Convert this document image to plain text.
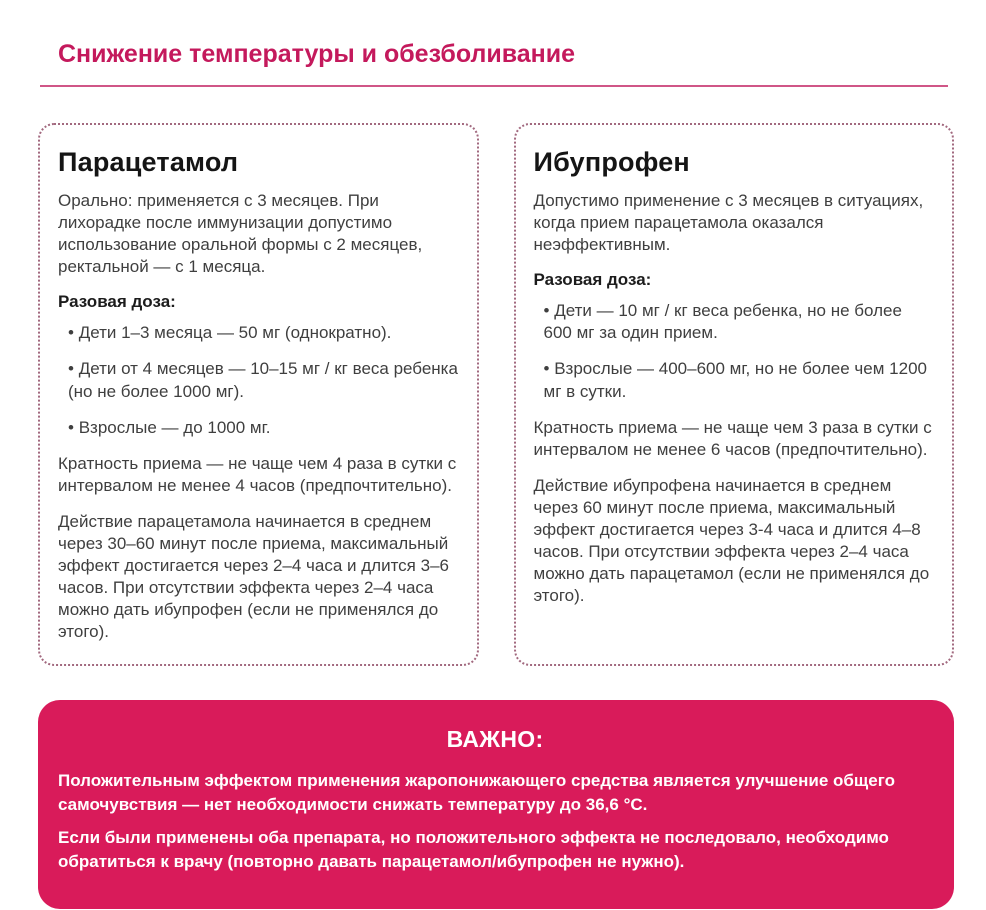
Снижение температуры и обезболивание
Парацетамол

Орально: применяется с 3 месяцев. При лихорадке после иммунизации допустимо использование оральной формы с 2 месяцев, ректальной — с 1 месяца.

Разовая доза:

• Дети 1–3 месяца — 50 мг (однократно).
• Дети от 4 месяцев — 10–15 мг / кг веса ребенка (но не более 1000 мг).
• Взрослые — до 1000 мг.

Кратность приема — не чаще чем 4 раза в сутки с интервалом не менее 4 часов (предпочтительно).

Действие парацетамола начинается в среднем через 30–60 минут после приема, максимальный эффект достигается через 2–4 часа и длится 3–6 часов. При отсутствии эффекта через 2–4 часа можно дать ибупрофен (если не применялся до этого).

Ибупрофен

Допустимо применение с 3 месяцев в ситуациях, когда прием парацетамола оказался неэффективным.

Разовая доза:

• Дети — 10 мг / кг веса ребенка, но не более 600 мг за один прием.
• Взрослые — 400–600 мг, но не более чем 1200 мг в сутки.

Кратность приема — не чаще чем 3 раза в сутки с интервалом не менее 6 часов (предпочтительно).

Действие ибупрофена начинается в среднем через 60 минут после приема, максимальный эффект достигается через 3-4 часа и длится 4–8 часов. При отсутствии эффекта через 2–4 часа можно дать парацетамол (если не применялся до этого).

ВАЖНО:

Положительным эффектом применения жаропонижающего средства является улучшение общего самочувствия — нет необходимости снижать температуру до 36,6 °C.

Если были применены оба препарата, но положительного эффекта не последовало, необходимо обратиться к врачу (повторно давать парацетамол/ибупрофен не нужно).
